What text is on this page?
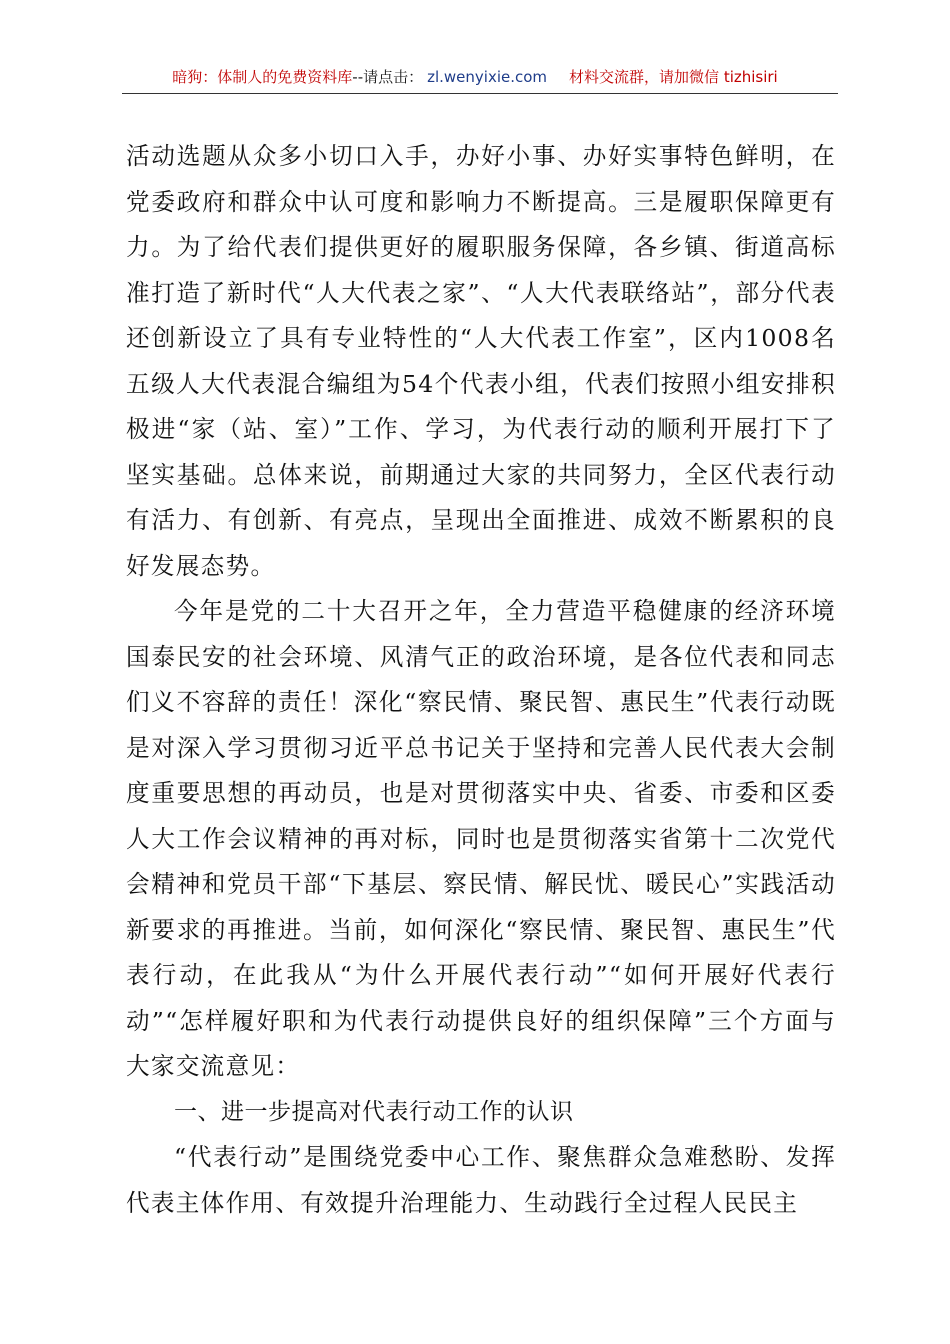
暗狗：体制人的免费资料库--请点击： zl.wenyixie.com 材料交流群，请加微信 tizhisiri

活动选题从众多小切口入手，办好小事、办好实事特色鲜明，在党委政府和群众中认可度和影响力不断提高。三是履职保障更有力。为了给代表们提供更好的履职服务保障，各乡镇、街道高标准打造了新时代“人大代表之家”、“人大代表联络站”，部分代表还创新设立了具有专业特性的“人大代表工作室”，区内1008名五级人大代表混合编组为54个代表小组，代表们按照小组安排积极进“家（站、室）”工作、学习，为代表行动的顺利开展打下了坚实基础。总体来说，前期通过大家的共同努力，全区代表行动有活力、有创新、有亮点，呈现出全面推进、成效不断累积的良好发展态势。

今年是党的二十大召开之年，全力营造平稳健康的经济环境国泰民安的社会环境、风清气正的政治环境，是各位代表和同志们义不容辞的责任！深化“察民情、聚民智、惠民生”代表行动既是对深入学习贯彻习近平总书记关于坚持和完善人民代表大会制度重要思想的再动员，也是对贯彻落实中央、省委、市委和区委人大工作会议精神的再对标，同时也是贯彻落实省第十二次党代会精神和党员干部“下基层、察民情、解民忧、暖民心”实践活动新要求的再推进。当前，如何深化“察民情、聚民智、惠民生”代表行动，在此我从“为什么开展代表行动”“如何开展好代表行动”“怎样履好职和为代表行动提供良好的组织保障”三个方面与大家交流意见：

一、进一步提高对代表行动工作的认识

“代表行动”是围绕党委中心工作、聚焦群众急难愁盼、发挥代表主体作用、有效提升治理能力、生动践行全过程人民民主
